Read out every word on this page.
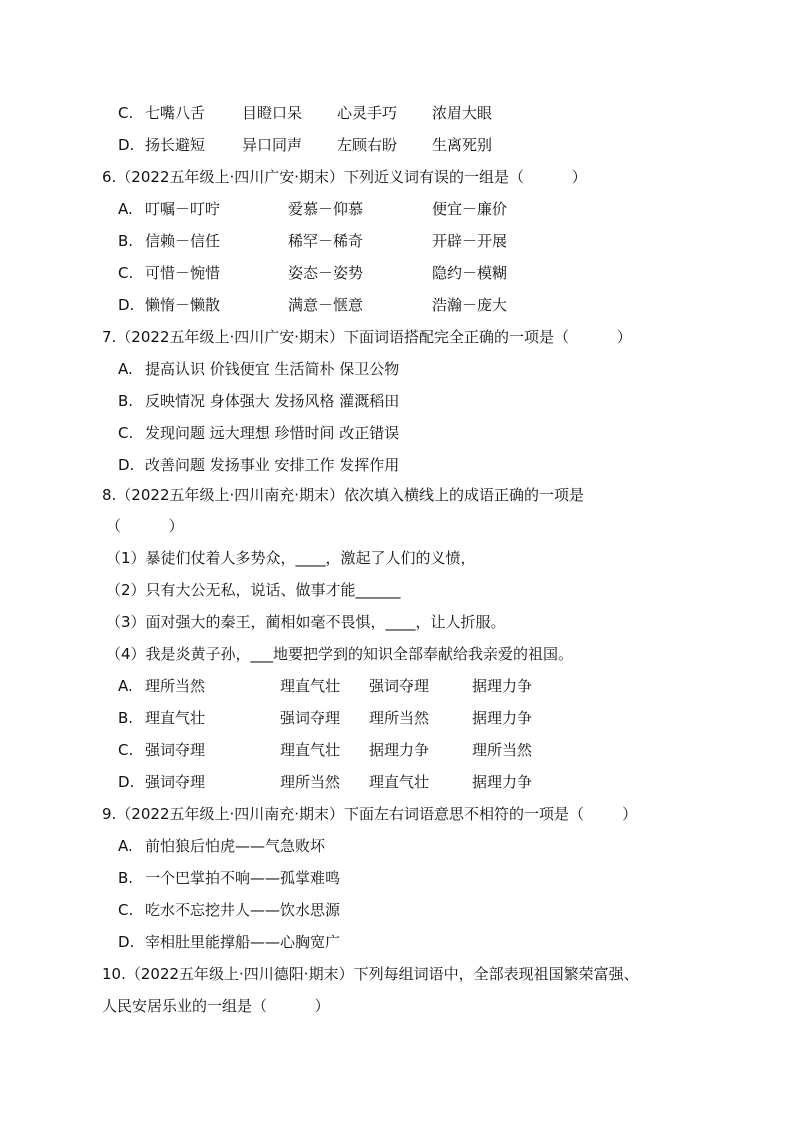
C. 七嘴八舌 目瞪口呆 心灵手巧 浓眉大眼
D. 扬长避短 异口同声 左顾右盼 生离死别
6.（2022五年级上·四川广安·期末）下列近义词有误的一组是（          ）
A. 叮嘱－叮咛	爱慕－仰慕	便宜－廉价
B. 信赖－信任	稀罕－稀奇	开辟－开展
C. 可惜－惋惜	姿态－姿势	隐约－模糊
D. 懒惰－懒散	满意－惬意	浩瀚－庞大
7.（2022五年级上·四川广安·期末）下面词语搭配完全正确的一项是（          ）
A. 提高认识 价钱便宜 生活简朴 保卫公物
B. 反映情况 身体强大 发扬风格 灌溉稻田
C. 发现问题 远大理想 珍惜时间 改正错误
D. 改善问题 发扬事业 安排工作 发挥作用
8.（2022五年级上·四川南充·期末）依次填入横线上的成语正确的一项是
（          ）
（1）暴徒们仗着人多势众，____，激起了人们的义愤，
（2）只有大公无私，说话、做事才能______
（3）面对强大的秦王，蔺相如毫不畏惧，____，让人折服。
（4）我是炎黄子孙，___地要把学到的知识全部奉献给我亲爱的祖国。
A. 理所当然	理直气壮 强词夺理	据理力争
B. 理直气壮	强词夺理 理所当然	据理力争
C. 强词夺理	理直气壮 据理力争	理所当然
D. 强词夺理	理所当然 理直气壮	据理力争
9.（2022五年级上·四川南充·期末）下面左右词语意思不相符的一项是（        ）
A. 前怕狼后怕虎——气急败坏
B. 一个巴掌拍不响——孤掌难鸣
C. 吃水不忘挖井人——饮水思源
D. 宰相肚里能撑船——心胸宽广
10.（2022五年级上·四川德阳·期末）下列每组词语中，全部表现祖国繁荣富强、
人民安居乐业的一组是（          ）
